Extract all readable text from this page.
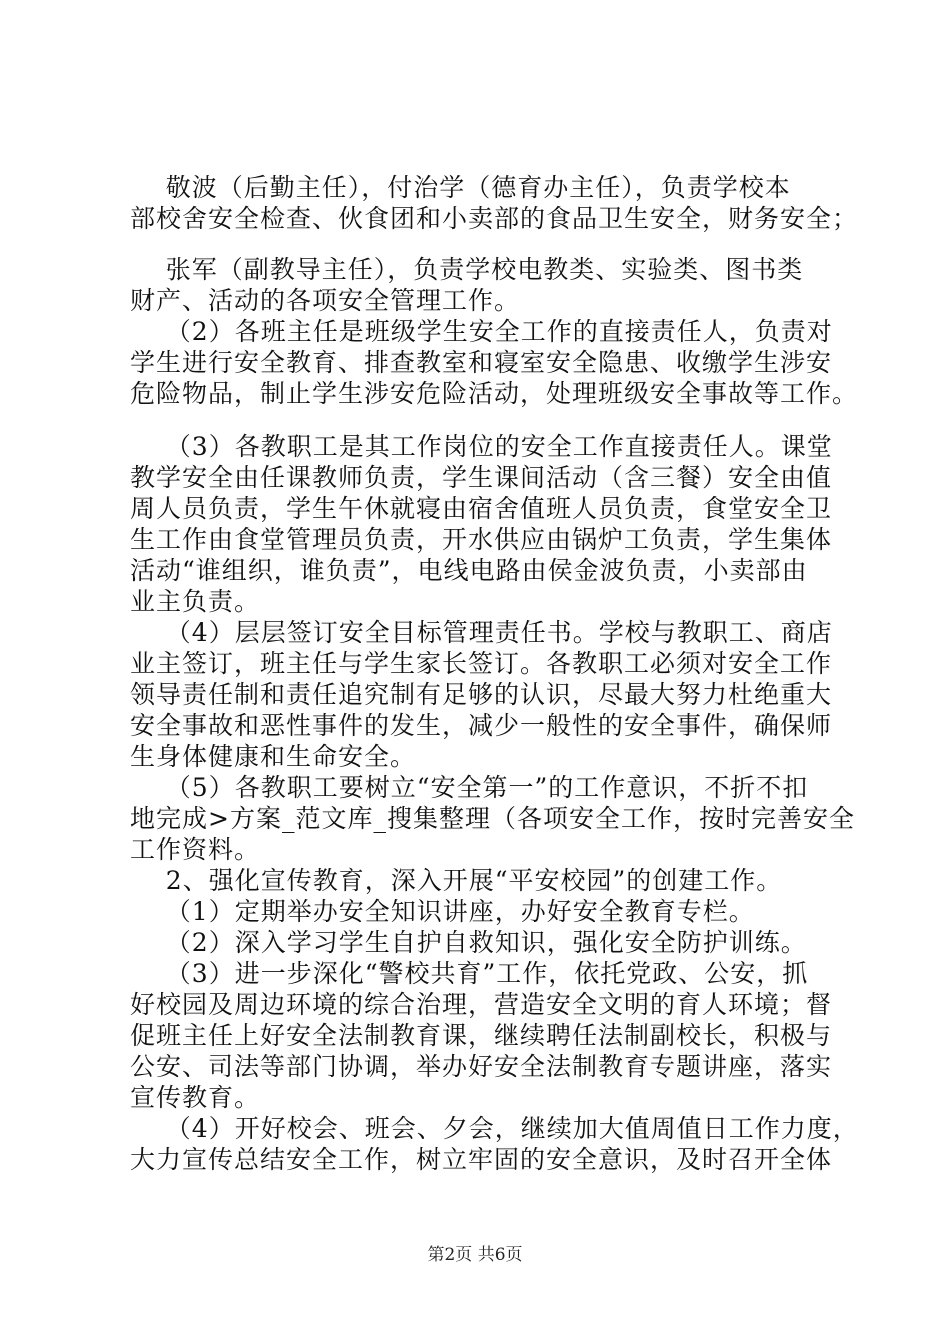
敬波（后勤主任），付治学（德育办主任），负责学校本
部校舍安全检查、伙食团和小卖部的食品卫生安全，财务安全；
张军（副教导主任），负责学校电教类、实验类、图书类
财产、活动的各项安全管理工作。
（2）各班主任是班级学生安全工作的直接责任人，负责对
学生进行安全教育、排查教室和寝室安全隐患、收缴学生涉安
危险物品，制止学生涉安危险活动，处理班级安全事故等工作。
（3）各教职工是其工作岗位的安全工作直接责任人。课堂
教学安全由任课教师负责，学生课间活动（含三餐）安全由值
周人员负责，学生午休就寝由宿舍值班人员负责，食堂安全卫
生工作由食堂管理员负责，开水供应由锅炉工负责，学生集体
活动“谁组织，谁负责”，电线电路由侯金波负责，小卖部由
业主负责。
（4）层层签订安全目标管理责任书。学校与教职工、商店
业主签订，班主任与学生家长签订。各教职工必须对安全工作
领导责任制和责任追究制有足够的认识，尽最大努力杜绝重大
安全事故和恶性事件的发生，减少一般性的安全事件，确保师
生身体健康和生命安全。
（5）各教职工要树立“安全第一”的工作意识，不折不扣
地完成>方案_范文库_搜集整理（各项安全工作，按时完善安全
工作资料。
2、强化宣传教育，深入开展“平安校园”的创建工作。
（1）定期举办安全知识讲座，办好安全教育专栏。
（2）深入学习学生自护自救知识，强化安全防护训练。
（3）进一步深化“警校共育”工作，依托党政、公安，抓
好校园及周边环境的综合治理，营造安全文明的育人环境；督
促班主任上好安全法制教育课，继续聘任法制副校长，积极与
公安、司法等部门协调，举办好安全法制教育专题讲座，落实
宣传教育。
（4）开好校会、班会、夕会，继续加大值周值日工作力度，
大力宣传总结安全工作，树立牢固的安全意识，及时召开全体
第2页 共6页
